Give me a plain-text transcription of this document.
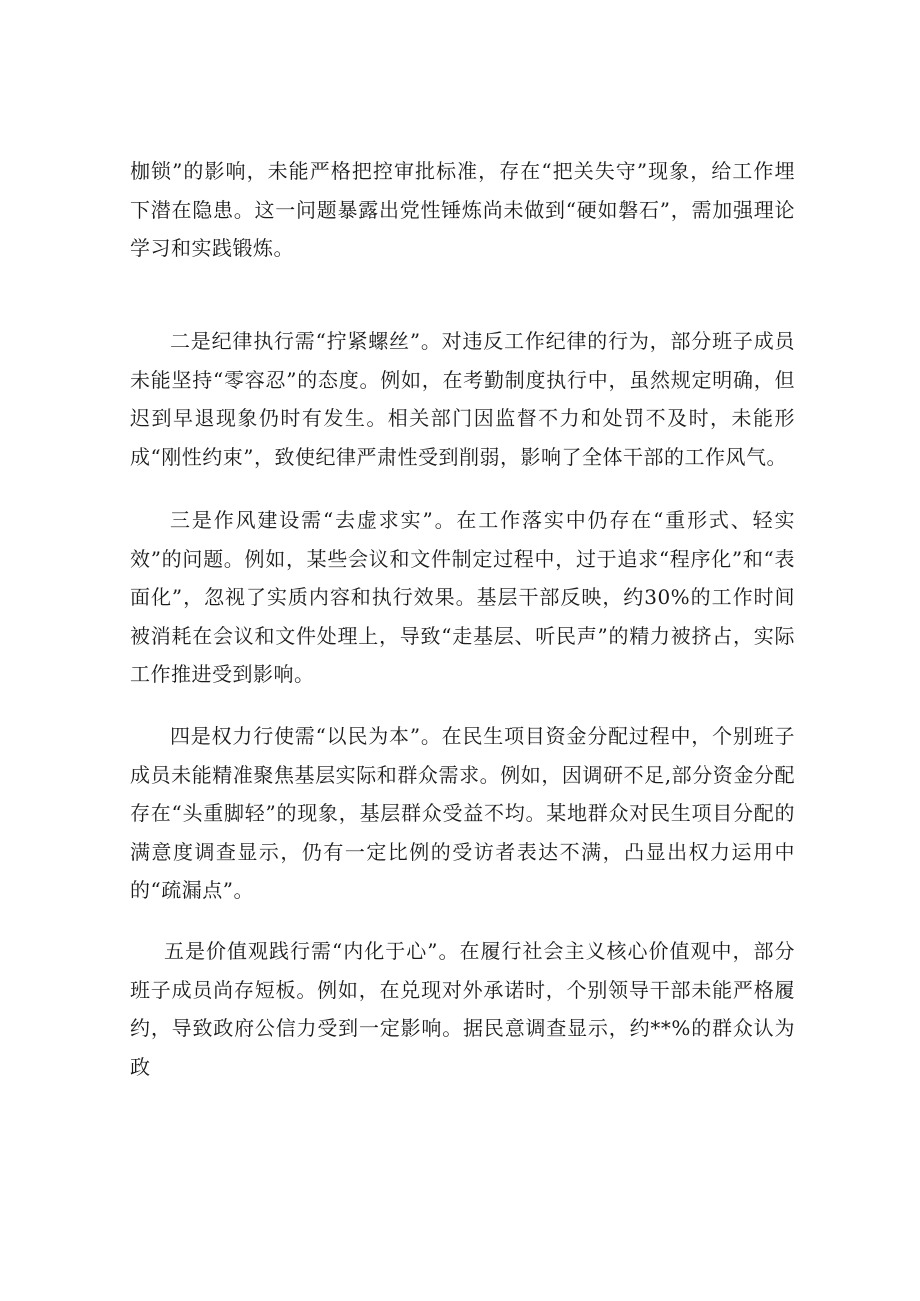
枷锁”的影响，未能严格把控审批标准，存在“把关失守”现象，给工作埋下潜在隐患。这一问题暴露出党性锤炼尚未做到“硬如磐石”，需加强理论学习和实践锻炼。

二是纪律执行需“拧紧螺丝”。对违反工作纪律的行为，部分班子成员未能坚持“零容忍”的态度。例如，在考勤制度执行中，虽然规定明确，但迟到早退现象仍时有发生。相关部门因监督不力和处罚不及时，未能形成“刚性约束”，致使纪律严肃性受到削弱，影响了全体干部的工作风气。

三是作风建设需“去虚求实”。在工作落实中仍存在“重形式、轻实效”的问题。例如，某些会议和文件制定过程中，过于追求“程序化”和“表面化”，忽视了实质内容和执行效果。基层干部反映，约30%的工作时间被消耗在会议和文件处理上，导致“走基层、听民声”的精力被挤占，实际工作推进受到影响。

四是权力行使需“以民为本”。在民生项目资金分配过程中，个别班子成员未能精准聚焦基层实际和群众需求。例如，因调研不足,部分资金分配存在“头重脚轻”的现象，基层群众受益不均。某地群众对民生项目分配的满意度调查显示，仍有一定比例的受访者表达不满，凸显出权力运用中的“疏漏点”。

五是价值观践行需“内化于心”。在履行社会主义核心价值观中，部分班子成员尚存短板。例如，在兑现对外承诺时，个别领导干部未能严格履约，导致政府公信力受到一定影响。据民意调查显示，约**%的群众认为政
